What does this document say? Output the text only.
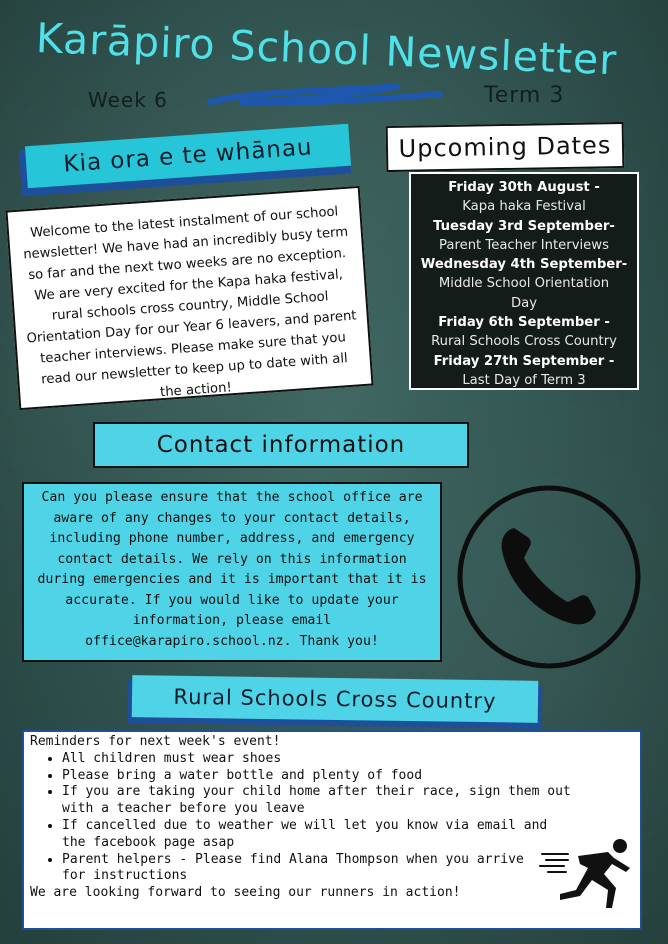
Karāpiro School Newsletter
Week 6	Term 3
Kia ora e te whānau
Welcome to the latest instalment of our school newsletter! We have had an incredibly busy term so far and the next two weeks are no exception. We are very excited for the Kapa haka festival, rural schools cross country, Middle School Orientation Day for our Year 6 leavers, and parent teacher interviews. Please make sure that you read our newsletter to keep up to date with all the action!
Upcoming Dates
Friday 30th August -
Kapa haka Festival
Tuesday 3rd September-
Parent Teacher Interviews
Wednesday 4th September-
Middle School Orientation Day
Friday 6th September -
Rural Schools Cross Country
Friday 27th September -
Last Day of Term 3
Contact information
Can you please ensure that the school office are aware of any changes to your contact details, including phone number, address, and emergency contact details. We rely on this information during emergencies and it is important that it is accurate. If you would like to update your information, please email office@karapiro.school.nz. Thank you!
Rural Schools Cross Country
Reminders for next week's event!
• All children must wear shoes
• Please bring a water bottle and plenty of food
• If you are taking your child home after their race, sign them out with a teacher before you leave
• If cancelled due to weather we will let you know via email and the facebook page asap
• Parent helpers - Please find Alana Thompson when you arrive for instructions
We are looking forward to seeing our runners in action!
